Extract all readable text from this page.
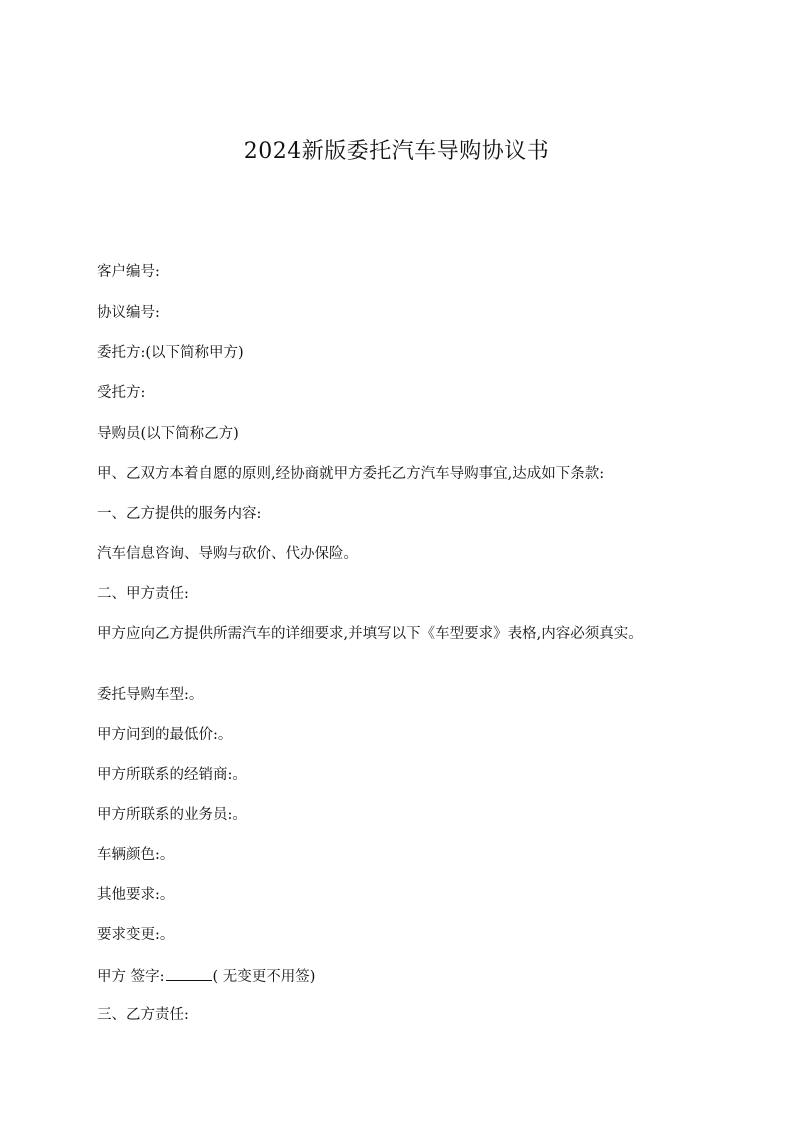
2024新版委托汽车导购协议书
客户编号:
协议编号:
委托方:(以下简称甲方)
受托方:
导购员(以下简称乙方)
甲、乙双方本着自愿的原则,经协商就甲方委托乙方汽车导购事宜,达成如下条款:
一、乙方提供的服务内容:
汽车信息咨询、导购与砍价、代办保险。
二、甲方责任:
甲方应向乙方提供所需汽车的详细要求,并填写以下《车型要求》表格,内容必须真实。
委托导购车型:。
甲方问到的最低价:。
甲方所联系的经销商:。
甲方所联系的业务员:。
车辆颜色:。
其他要求:。
要求变更:。
甲方 签字:	( 无变更不用签)
三、乙方责任:
